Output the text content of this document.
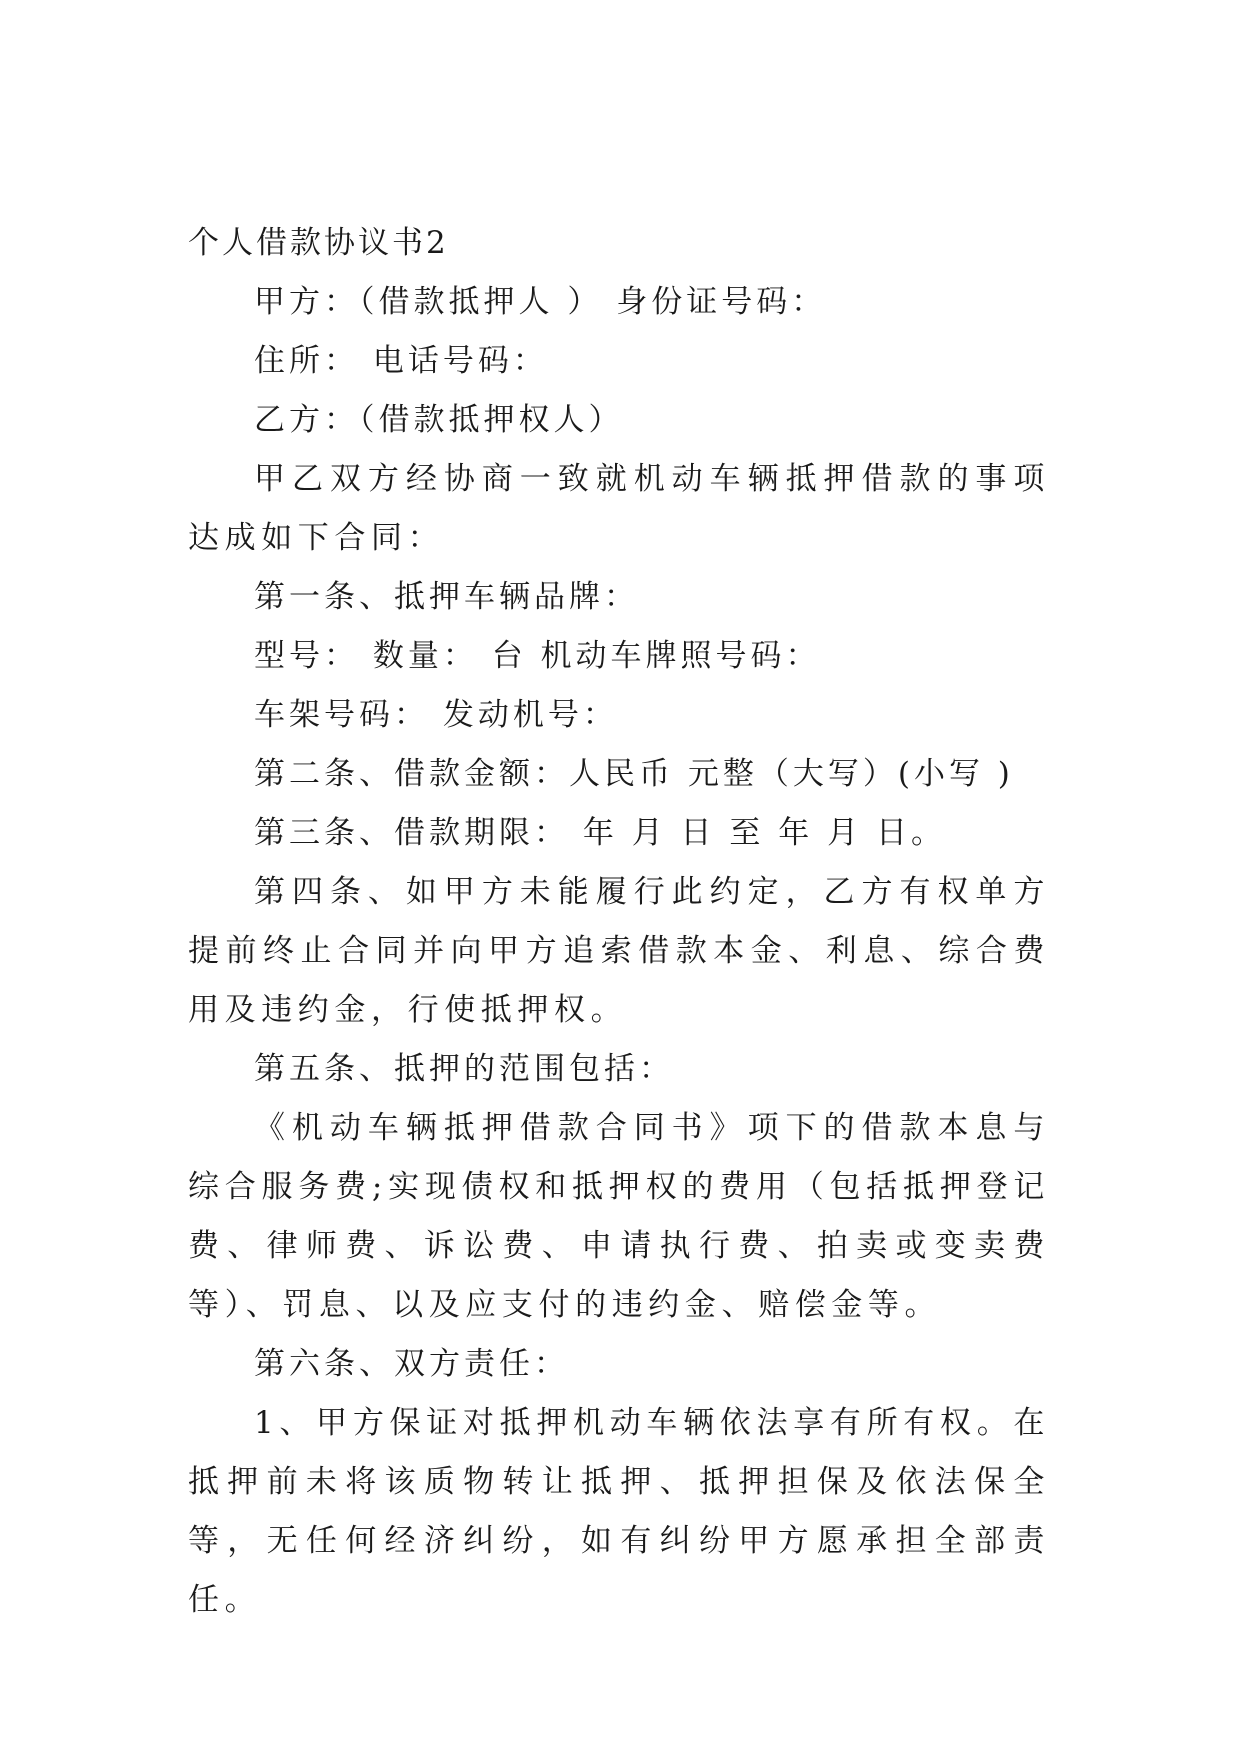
个人借款协议书2

甲方：（借款抵押人 ） 身份证号码：

住所： 电话号码：

乙方：（借款抵押权人）

甲乙双方经协商一致就机动车辆抵押借款的事项达成如下合同：

第一条、抵押车辆品牌：

型号： 数量： 台 机动车牌照号码：

车架号码： 发动机号：

第二条、借款金额：人民币 元整（大写）(小写 )

第三条、借款期限： 年 月 日 至 年 月 日。

第四条、如甲方未能履行此约定，乙方有权单方提前终止合同并向甲方追索借款本金、利息、综合费用及违约金，行使抵押权。

第五条、抵押的范围包括：

《机动车辆抵押借款合同书》项下的借款本息与综合服务费;实现债权和抵押权的费用（包括抵押登记费、律师费、诉讼费、申请执行费、拍卖或变卖费等）、罚息、以及应支付的违约金、赔偿金等。

第六条、双方责任：

1、甲方保证对抵押机动车辆依法享有所有权。在抵押前未将该质物转让抵押、抵押担保及依法保全等，无任何经济纠纷，如有纠纷甲方愿承担全部责任。
